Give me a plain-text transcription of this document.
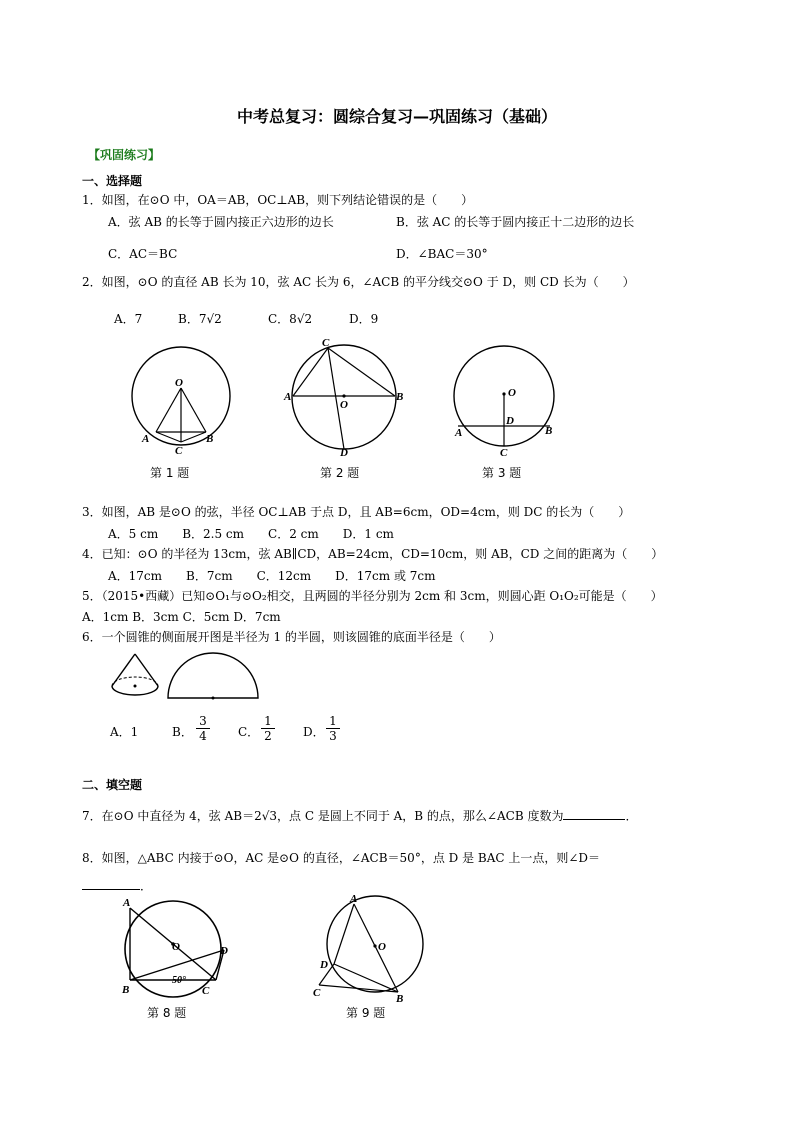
中考总复习：圆综合复习—巩固练习（基础）
【巩固练习】
一、选择题
1．如图，在⊙O 中，OA＝AB，OC⊥AB，则下列结论错误的是（　　）
A．弦 AB 的长等于圆内接正六边形的边长	B．弦 AC 的长等于圆内接正十二边形的边长
C．AC＝BC	D．∠BAC＝30°
2．如图，⊙O 的直径 AB 长为 10，弦 AC 长为 6，∠ACB 的平分线交⊙O 于 D，则 CD 长为（　　）
A．7	B．7√2	C．8√2	D．9
O
A	B
C
第 1 题
C
A	B
O
D
第 2 题
O
D
A	B
C
第 3 题
3．如图，AB 是⊙O 的弦，半径 OC⊥AB 于点 D，且 AB=6cm，OD=4cm，则 DC 的长为（　　）
A．5 cm　　B．2.5 cm　　C．2 cm　　D．1 cm
4．已知：⊙O 的半径为 13cm，弦 AB∥CD，AB=24cm，CD=10cm，则 AB，CD 之间的距离为（　　）
A．17cm　　B．7cm　　C．12cm　　D．17cm 或 7cm
5．（2015•西藏）已知⊙O₁与⊙O₂相交，且两圆的半径分别为 2cm 和 3cm，则圆心距 O₁O₂可能是（　　）
A．1cm B．3cm C．5cm D．7cm
6．一个圆锥的侧面展开图是半径为 1 的半圆，则该圆锥的底面半径是（　　）
A．1	B． $\frac{3}{4}$ C． $\frac{1}{2}$ D． $\frac{1}{3}$
二、填空题
7．在⊙O 中直径为 4，弦 AB＝2√3，点 C 是圆上不同于 A，B 的点，那么∠ACB 度数为	．
8．如图，△ABC 内接于⊙O，AC 是⊙O 的直径，∠ACB＝50°，点 D 是 BAC 上一点，则∠D＝
．
A
O	D
50°
B	C
第 8 题
A
O
D
C	B
第 9 题
